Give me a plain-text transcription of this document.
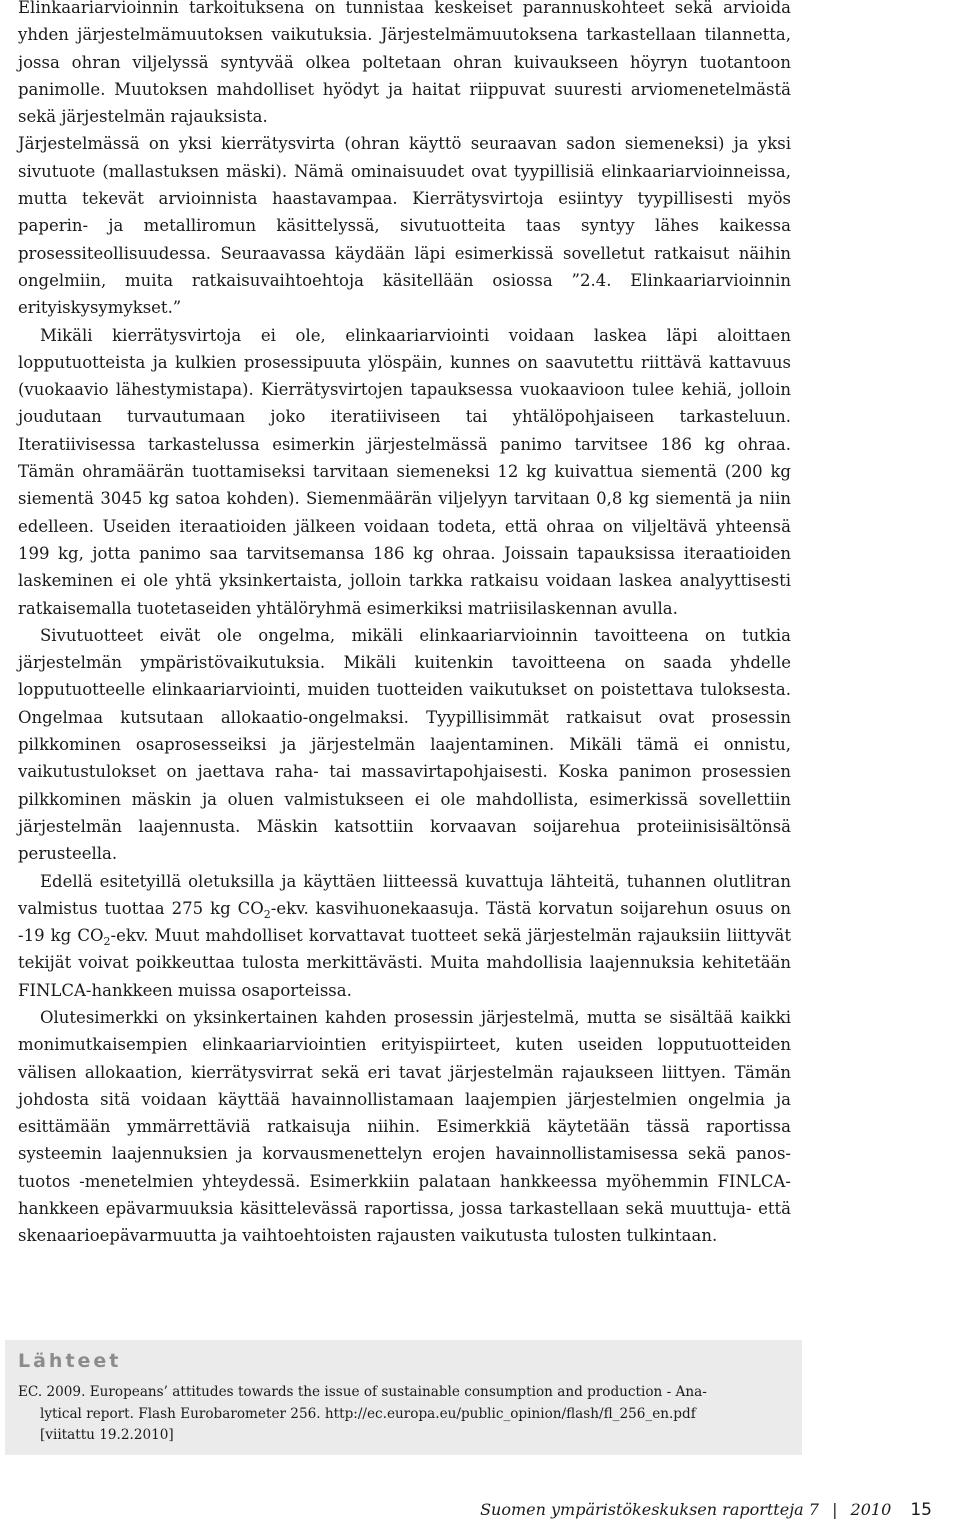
Elinkaariarvioinnin tarkoituksena on tunnistaa keskeiset parannuskohteet sekä arvioida yhden järjestelmämuutoksen vaikutuksia. Järjestelmämuutoksena tarkastellaan tilannetta, jossa ohran viljelyssä syntyvää olkea poltetaan ohran kuivaukseen höyryn tuotantoon panimolle. Muutoksen mahdolliset hyödyt ja haitat riippuvat suuresti arviomenetelmästä sekä järjestelmän rajauksista.

Järjestelmässä on yksi kierrätysvirta (ohran käyttö seuraavan sadon siemeneksi) ja yksi sivutuote (mallastuksen mäski). Nämä ominaisuudet ovat tyypillisiä elinkaariarvioinneissa, mutta tekevät arvioinnista haastavampaa. Kierrätysvirtoja esiintyy tyypillisesti myös paperin- ja metalliromun käsittelyssä, sivutuotteita taas syntyy lähes kaikessa prosessiteollisuudessa. Seuraavassa käydään läpi esimerkissä sovelletut ratkaisut näihin ongelmiin, muita ratkaisuvaihtoehtoja käsitellään osiossa ”2.4. Elinkaariarvioinnin erityiskysymykset.”

Mikäli kierrätysvirtoja ei ole, elinkaariarviointi voidaan laskea läpi aloittaen lopputuotteista ja kulkien prosessipuuta ylöspäin, kunnes on saavutettu riittävä kattavuus (vuokaavio lähestymistapa). Kierrätysvirtojen tapauksessa vuokaavioon tulee kehiä, jolloin joudutaan turvautumaan joko iteratiiviseen tai yhtälöpohjaiseen tarkasteluun. Iteratiivisessa tarkastelussa esimerkin järjestelmässä panimo tarvitsee 186 kg ohraa. Tämän ohramäärän tuottamiseksi tarvitaan siemeneksi 12 kg kuivattua siementä (200 kg siementä 3045 kg satoa kohden). Siemenmäärän viljelyyn tarvitaan 0,8 kg siementä ja niin edelleen. Useiden iteraatioiden jälkeen voidaan todeta, että ohraa on viljeltävä yhteensä 199 kg, jotta panimo saa tarvitsemansa 186 kg ohraa. Joissain tapauksissa iteraatioiden laskeminen ei ole yhtä yksinkertaista, jolloin tarkka ratkaisu voidaan laskea analyyttisesti ratkaisemalla tuotetaseiden yhtälöryhmä esimerkiksi matriisilaskennan avulla.

Sivutuotteet eivät ole ongelma, mikäli elinkaariarvioinnin tavoitteena on tutkia järjestelmän ympäristövaikutuksia. Mikäli kuitenkin tavoitteena on saada yhdelle lopputuotteelle elinkaariarviointi, muiden tuotteiden vaikutukset on poistettava tuloksesta. Ongelmaa kutsutaan allokaatio-ongelmaksi. Tyypillisimmät ratkaisut ovat prosessin pilkkominen osaprosesseiksi ja järjestelmän laajentaminen. Mikäli tämä ei onnistu, vaikutustulokset on jaettava raha- tai massavirtapohjaisesti. Koska panimon prosessien pilkkominen mäskin ja oluen valmistukseen ei ole mahdollista, esimerkissä sovellettiin järjestelmän laajennusta. Mäskin katsottiin korvaavan soijarehua proteiinisisältönsä perusteella.

Edellä esitetyillä oletuksilla ja käyttäen liitteessä kuvattuja lähteitä, tuhannen olutlitran valmistus tuottaa 275 kg $CO_2$-ekv. kasvihuonekaasuja. Tästä korvatun soijarehun osuus on -19 kg $CO_2$-ekv. Muut mahdolliset korvattavat tuotteet sekä järjestelmän rajauksiin liittyvät tekijät voivat poikkeuttaa tulosta merkittävästi. Muita mahdollisia laajennuksia kehitetään FINLCA-hankkeen muissa osaporteissa.

Olutesimerkki on yksinkertainen kahden prosessin järjestelmä, mutta se sisältää kaikki monimutkaisempien elinkaariarviointien erityispiirteet, kuten useiden lopputuotteiden välisen allokaation, kierrätysvirrat sekä eri tavat järjestelmän rajaukseen liittyen. Tämän johdosta sitä voidaan käyttää havainnollistamaan laajempien järjestelmien ongelmia ja esittämään ymmärrettäviä ratkaisuja niihin. Esimerkkiä käytetään tässä raportissa systeemin laajennuksien ja korvausmenettelyn erojen havainnollistamisessa sekä panos-tuotos -menetelmien yhteydessä. Esimerkkiin palataan hankkeessa myöhemmin FINLCA-hankkeen epävarmuuksia käsittelevässä raportissa, jossa tarkastellaan sekä muuttuja- että skenaarioepävarmuutta ja vaihtoehtoisten rajausten vaikutusta tulosten tulkintaan.

Lähteet
EC. 2009. Europeans’ attitudes towards the issue of sustainable consumption and production - Ana-
lytical report. Flash Eurobarometer 256. http://ec.europa.eu/public_opinion/flash/fl_256_en.pdf
[viitattu 19.2.2010]
Suomen ympäristökeskuksen raportteja 7 | 2010 15
